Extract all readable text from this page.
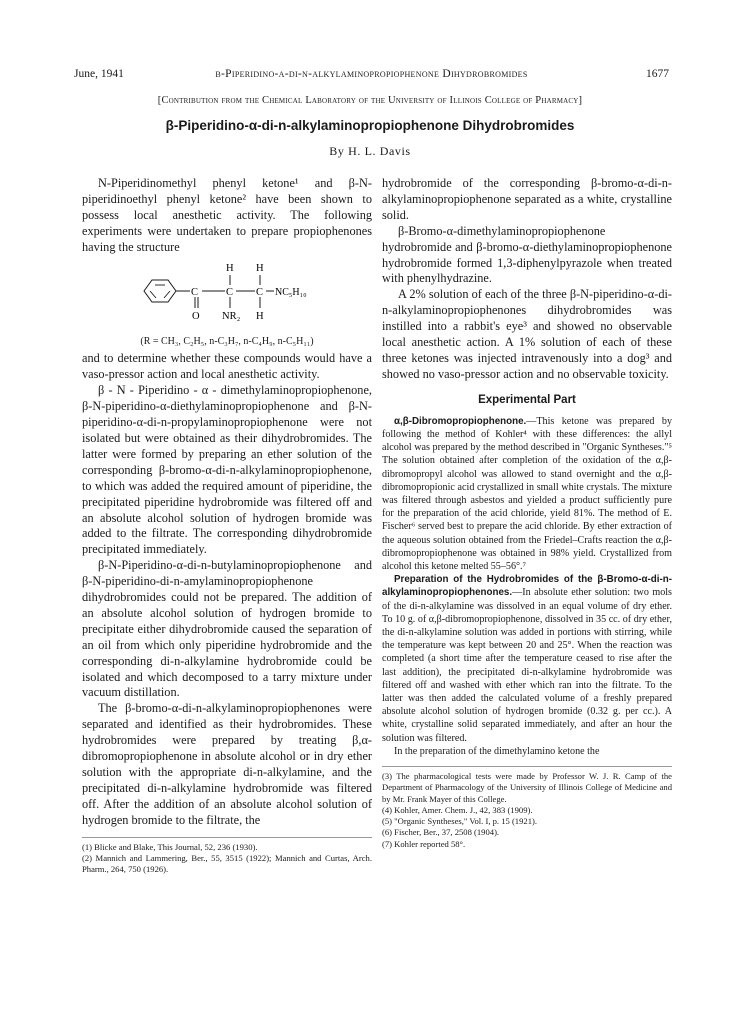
June, 1941	β-Piperidino-α-di-n-alkylaminopropiophenone Dihydrobromides	1677
[Contribution from the Chemical Laboratory of the University of Illinois College of Pharmacy]
β-Piperidino-α-di-n-alkylaminopropiophenone Dihydrobromides
By H. L. Davis

N-Piperidinomethyl phenyl ketone¹ and β-N-piperidinoethyl phenyl ketone² have been shown to possess local anesthetic activity. The following experiments were undertaken to prepare propiophenones having the structure

H H
C	C C NC₅H₁₀
O NR₂ H
(R = CH₃, C₂H₅, n-C₃H₇, n-C₄H₉, n-C₅H₁₁)

and to determine whether these compounds would have a vaso-pressor action and local anesthetic activity.

β - N - Piperidino - α - dimethylaminopropiophenone, β-N-piperidino-α-diethylaminopropiophenone and β-N-piperidino-α-di-n-propylaminopropiophenone were not isolated but were obtained as their dihydrobromides. The latter were formed by preparing an ether solution of the corresponding β-bromo-α-di-n-alkylaminopropiophenone, to which was added the required amount of piperidine, the precipitated piperidine hydrobromide was filtered off and an absolute alcohol solution of hydrogen bromide was added to the filtrate. The corresponding dihydrobromide precipitated immediately.

β-N-Piperidino-α-di-n-butylaminopropiophenone and β-N-piperidino-di-n-amylaminopropiophenone dihydrobromides could not be prepared. The addition of an absolute alcohol solution of hydrogen bromide to precipitate either dihydrobromide caused the separation of an oil from which only piperidine hydrobromide and the corresponding di-n-alkylamine hydrobromide could be isolated and which decomposed to a tarry mixture under vacuum distillation.

The β-bromo-α-di-n-alkylaminopropiophenones were separated and identified as their hydrobromides. These hydrobromides were prepared by treating β,α-dibromopropiophenone in absolute alcohol or in dry ether solution with the appropriate di-n-alkylamine, and the precipitated di-n-alkylamine hydrobromide was filtered off. After the addition of an absolute alcohol solution of hydrogen bromide to the filtrate, the

(1) Blicke and Blake, This Journal, 52, 236 (1930).
(2) Mannich and Lammering, Ber., 55, 3515 (1922); Mannich and Curtas, Arch. Pharm., 264, 750 (1926).

hydrobromide of the corresponding β-bromo-α-di-n-alkylaminopropiophenone separated as a white, crystalline solid.

β-Bromo-α-dimethylaminopropiophenone hydrobromide and β-bromo-α-diethylaminopropiophenone hydrobromide formed 1,3-diphenylpyrazole when treated with phenylhydrazine.

A 2% solution of each of the three β-N-piperidino-α-di-n-alkylaminopropiophenones dihydrobromides was instilled into a rabbit's eye³ and showed no observable local anesthetic action. A 1% solution of each of these three ketones was injected intravenously into a dog³ and showed no vaso-pressor action and no observable toxicity.

Experimental Part

α,β-Dibromopropiophenone.—This ketone was prepared by following the method of Kohler⁴ with these differences: the allyl alcohol was prepared by the method described in "Organic Syntheses."⁵ The solution obtained after completion of the oxidation of the α,β-dibromopropyl alcohol was allowed to stand overnight and the α,β-dibromopropionic acid crystallized in small white crystals. The mixture was filtered through asbestos and yielded a product sufficiently pure for the preparation of the acid chloride, yield 81%. The method of E. Fischer⁶ served best to prepare the acid chloride. By ether extraction of the aqueous solution obtained from the Friedel–Crafts reaction the α,β-dibromopropiophenone was obtained in 98% yield. Crystallized from alcohol this ketone melted 55–56°.⁷

Preparation of the Hydrobromides of the β-Bromo-α-di-n-alkylaminopropiophenones.—In absolute ether solution: two mols of the di-n-alkylamine was dissolved in an equal volume of dry ether. To 10 g. of α,β-dibromopropiophenone, dissolved in 35 cc. of dry ether, the di-n-alkylamine solution was added in portions with stirring, while the temperature was kept between 20 and 25°. When the reaction was completed (a short time after the temperature ceased to rise after the last addition), the precipitated di-n-alkylamine hydrobromide was filtered off and washed with ether which ran into the filtrate. To the latter was then added the calculated volume of a freshly prepared absolute alcohol solution of hydrogen bromide (0.32 g. per cc.). A white, crystalline solid separated immediately, and after an hour the solution was filtered.

In the preparation of the dimethylamino ketone the

(3) The pharmacological tests were made by Professor W. J. R. Camp of the Department of Pharmacology of the University of Illinois College of Medicine and by Mr. Frank Mayer of this College.
(4) Kohler, Amer. Chem. J., 42, 383 (1909).
(5) "Organic Syntheses," Vol. I, p. 15 (1921).
(6) Fischer, Ber., 37, 2508 (1904).
(7) Kohler reported 58°.
